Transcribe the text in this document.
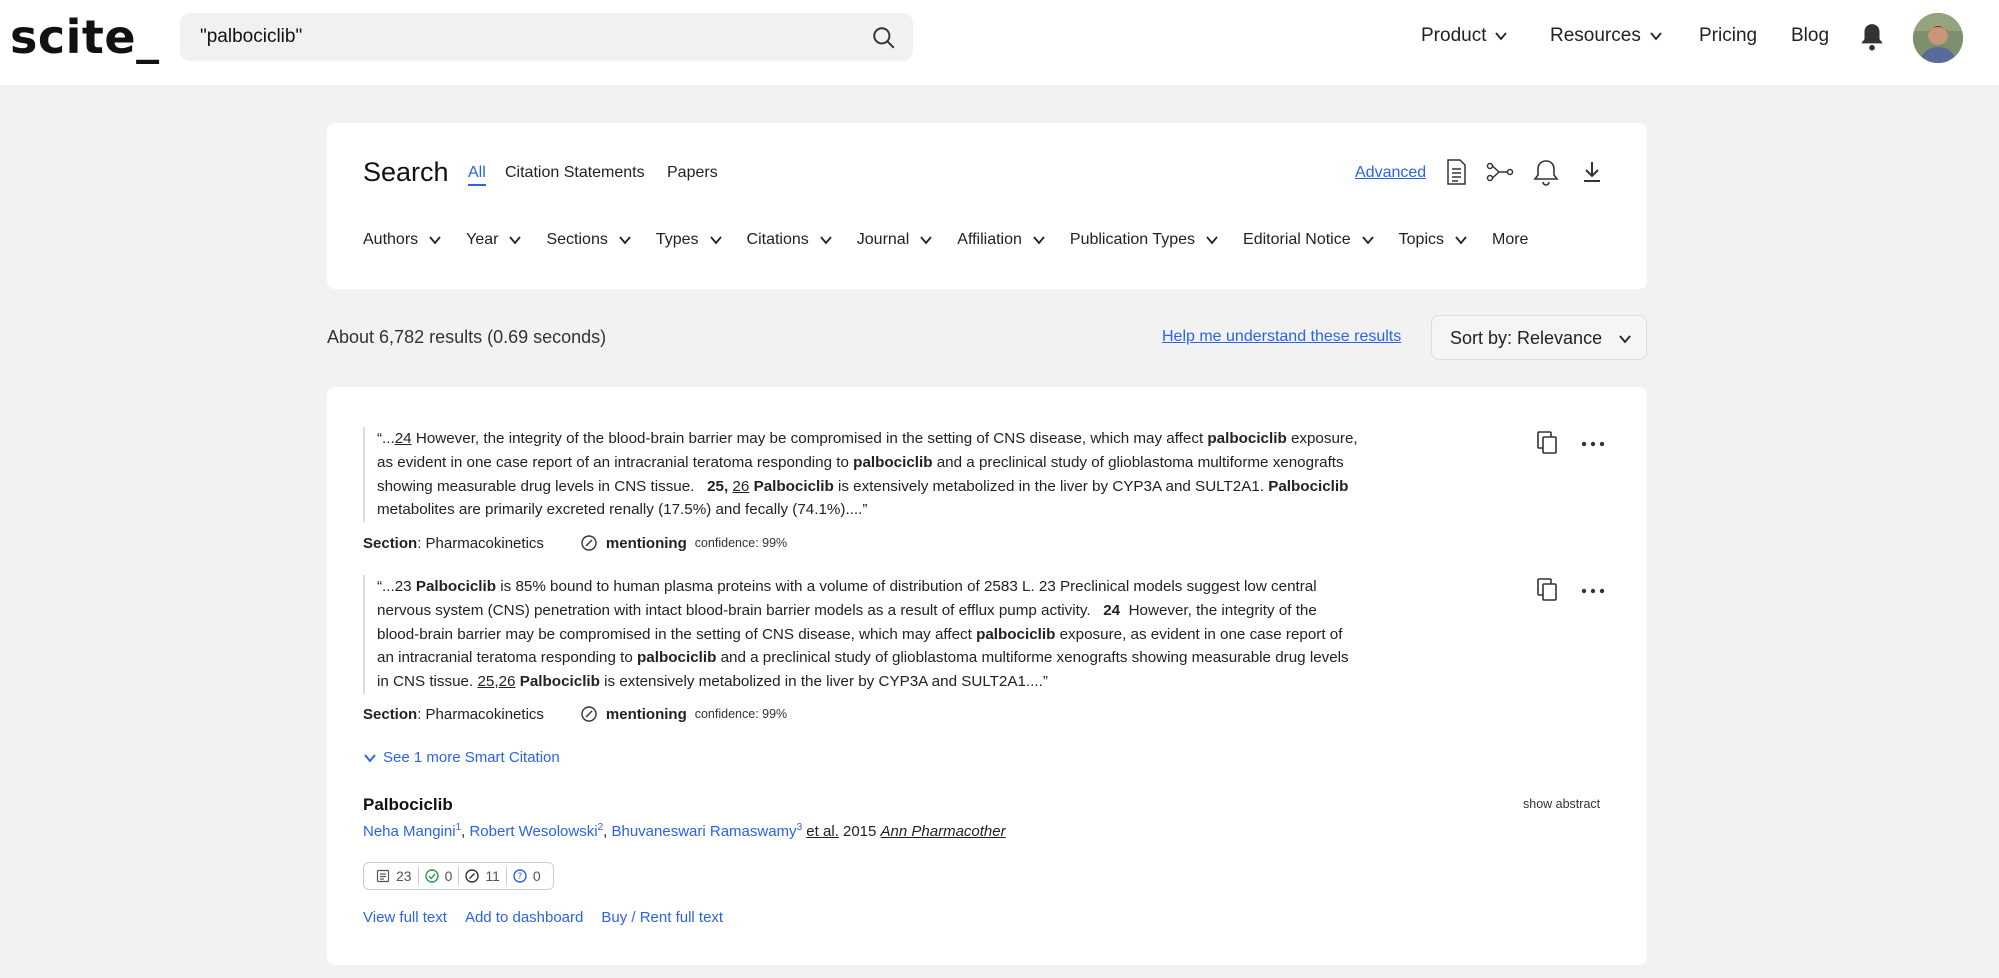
scite_
"palbociclib"	Product	Resources	Pricing Blog
Search All Citation Statements Papers	Advanced
Authors	Year	Sections	Types	Citations	Journal	Affiliation	Publication Types	Editorial Notice	Topics	More
About 6,782 results (0.69 seconds)	Help me understand these results	Sort by: Relevance
“...24 However, the integrity of the blood-brain barrier may be compromised in the setting of CNS disease, which may affect palbociclib exposure, as evident in one case report of an intracranial teratoma responding to palbociclib and a preclinical study of glioblastoma multiforme xenografts showing measurable drug levels in CNS tissue.   25, 26 Palbociclib is extensively metabolized in the liver by CYP3A and SULT2A1. Palbociclib metabolites are primarily excreted renally (17.5%) and fecally (74.1%)....”
Section : Pharmacokinetics	mentioning confidence: 99%
“...23 Palbociclib is 85% bound to human plasma proteins with a volume of distribution of 2583 L. 23 Preclinical models suggest low central nervous system (CNS) penetration with intact blood-brain barrier models as a result of efflux pump activity.   24  However, the integrity of the blood-brain barrier may be compromised in the setting of CNS disease, which may affect palbociclib exposure, as evident in one case report of an intracranial teratoma responding to palbociclib and a preclinical study of glioblastoma multiforme xenografts showing measurable drug levels in CNS tissue. 25,26 Palbociclib is extensively metabolized in the liver by CYP3A and SULT2A1....”
Section : Pharmacokinetics	mentioning confidence: 99%
See 1 more Smart Citation
Palbociclib	show abstract
Neha Mangini$^1$, Robert Wesolowski$^2$, Bhuvaneswari Ramaswamy$^3$ et al. 2015 Ann Pharmacother
23 0 11 ? 0
View full text Add to dashboard Buy / Rent full text
